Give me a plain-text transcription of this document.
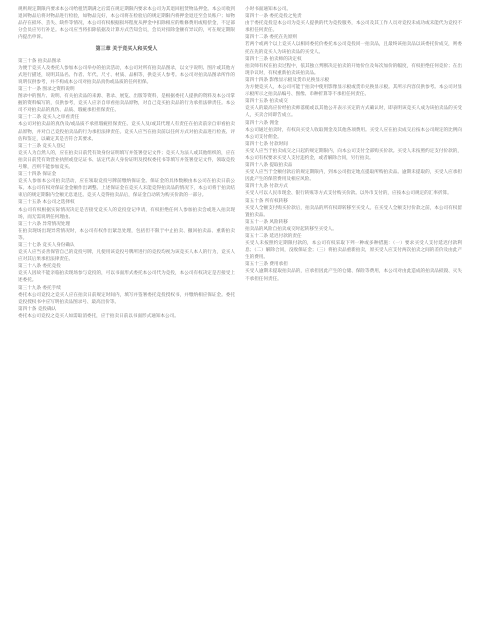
规则规定期限内要求本公司给租赁期满之后需在规定期限内要求本公司为其退回租赁物品押金。本公司收到退回物品后将对物品进行检验，如物品完好，本公司将在检验后的规定期限内将押金退还至会员账户；如物品存在损坏、丢失、缺件等情况，本公司有权根据损坏程度从押金中扣除相应的维修费用或赔偿金，不足部分会员应另行补足。本公司应当将扣除依据及计算方式告知会员，会员对扣除金额有异议的，可在规定期限内提出申诉。

第三章 关于竞买人和买受人

第三十条 拍卖品图录

为便于竞买人及委托人参加本公司举办的拍卖活动，本公司对所有拍卖品图录，以文字说明、图片或其他方式进行描述，说明其品名、作者、年代、尺寸、材质、品相等，供竞买人参考。本公司对拍卖品图录所作的说明仅供参考，并不构成本公司对拍卖品真伪或品质的任何担保。

第三十一条 图录之资料说明

图录中的图片、说明、有关拍卖品的来源、著录、展览、出版等资料，是根据委托人提供的资料及本公司掌握的资料编写的，仅供参考，竞买人应亲自审看拍卖品原物，对自己竞买拍卖品的行为承担法律责任。本公司不对拍卖品的真伪、品质、瑕疵承担担保责任。

第三十二条 竞买人之审看责任

本公司对拍卖品的真伪及/或品质不承担瑕疵担保责任。竞买人及/或其代理人有责任在拍卖前亲自审看拍卖品原物，并对自己竞投拍卖品的行为承担法律责任。竞买人应当在拍卖前以任何方式对拍卖品进行检查、评估和鉴定，以确定其是否符合其要求。

第三十三条 竞买人登记

竞买人为自然人的，应在拍卖日前凭有效身份证明填写并签署登记文件；竞买人为法人或其他组织的，应在拍卖日前凭有效营业执照或登记证书、法定代表人身份证明及授权委托书等填写并签署登记文件，领取竞投号牌，否则不能参加竞买。

第三十四条 保证金

竞买人参加本公司拍卖活动，应在领取竞投号牌前缴纳保证金。保证金的具体数额由本公司在拍卖日前公布。本公司有权对保证金金额作出调整。上述保证金在竞买人未能竞得拍卖品的情况下，本公司将于拍卖结束后的规定期限内全额无息退还。竞买人竞得拍卖品后，保证金自动转为购买价款的一部分。

第三十五条 本公司之选择权

本公司有权根据实际情况决定是否接受竞买人的竞投登记申请，有权拒绝任何人参加拍卖会或进入拍卖现场，而无需说明任何理由。

第三十六条 异常情况处理

在拍卖现场出现异常情况时，本公司有权作出紧急处理，包括但不限于中止拍卖、撤回拍卖品、重新拍卖等。

第三十七条 竞买人身份确认

竞买人应当妥善保管自己的竞投号牌，凡使用该竞投号牌所进行的竞投均视为该竞买人本人的行为，竞买人应对其后果承担法律责任。

第三十八条 委托竞投

竞买人因故不能亲临拍卖现场参与竞投的，可以书面形式委托本公司代为竞投，本公司有权决定是否接受上述委托。

第三十九条 委托手续

委托本公司竞投之竞买人应在拍卖日前规定时间内，填写并签署委托竞投授权书，并缴纳相应保证金。委托竞投授权书中应写明拍卖品图录号、最高出价等。

第四十条 竞投确认

委托本公司竞投之竞买人如需取消委托，应于拍卖日前以书面形式通知本公司。

小时书面通知本公司。

第四十一条 委托竞投之免责

由于委托竞投是本公司为竞买人提供的代为竞投服务，本公司及其工作人员对竞投未成功或未能代为竞投不承担任何责任。

第四十二条 委托在先原则

若两个或两个以上竞买人以相同委托价委托本公司竞投同一拍卖品，且最终该拍卖品以该委托价成交，则委托在先的竞买人为该拍卖品的买受人。

第四十三条 拍卖师的决定权

拍卖师有权在拍卖过程中，依其独立判断决定拍卖的开始价位及每次加价的幅度，有权拒绝任何竞价；在出现争议时，有权重新拍卖该拍卖品。

第四十四条 影像显示板及货币兑换显示板

为方便竞买人，本公司可能于拍卖中使用影像显示板或货币兑换显示板。其所示内容仅供参考。本公司对显示板所示之拍卖品编号、图像、币种折算等不承担任何责任。

第四十五条 拍卖成交

竞买人的最高应价经拍卖师落槌或以其他公开表示买定的方式确认时，即表明该竞买人成为该拍卖品的买受人，买卖合同即告成立。

第四十六条 佣金

本公司通过拍卖时，有权向买受人收取佣金及其他各项费用。买受人应在拍卖成交后按本公司规定的比例向本公司支付佣金。

第四十七条 付款时间

买受人应当于拍卖成交之日起的规定期限内，向本公司支付全部购买价款。买受人未按照约定支付价款的，本公司有权要求买受人支付违约金，或者解除合同，另行拍卖。

第四十八条 提取拍卖品

买受人应当于全额付款后的规定期限内，到本公司指定地点提取所购拍卖品。逾期未提取的，买受人应承担因此产生的保管费用及相应风险。

第四十九条 付款方式

买受人可以人民币现金、银行转账等方式支付购买价款。以外币支付的，应按本公司规定的汇率折算。

第五十条 所有权转移

买受人全额支付购买价款后，拍卖品的所有权即转移至买受人。在买受人全额支付价款之前，本公司有权留置拍卖品。

第五十一条 风险转移

拍卖品的风险自拍卖成交时起转移至买受人。

第五十二条 延迟付款的责任

买受人未按照约定期限付款的，本公司有权采取下列一种或多种措施：（一）要求买受人支付延迟付款利息；（二）解除合同，没收保证金；（三）将拍卖品重新拍卖，原买受人应支付两次拍卖之间的差价及由此产生的费用。

第五十三条 费用承担

买受人逾期未提取拍卖品的，应承担因此产生的仓储、保险等费用，本公司对由此造成的拍卖品损毁、灭失不承担任何责任。
